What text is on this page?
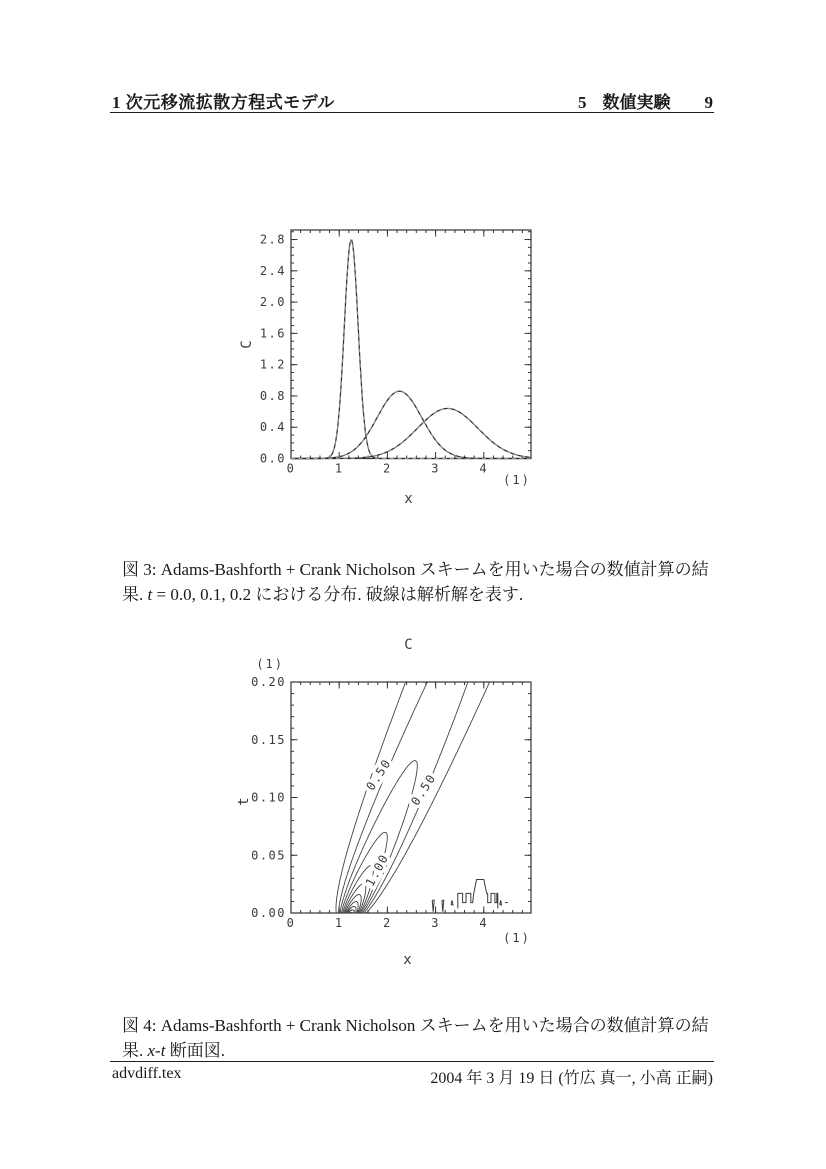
1 次元移流拡散方程式モデル	5 数値実験 9
0.0
0.4
0.8
1.2
1.6
2.0
2.4
2.8
0	1	2	3	4
C
(1)
x
0.00
0.05
0.10
0.15
0.20
0	1	2	3	4
0.50 0.50
1.00
C
(1)
t
(1)
x
図 3: Adams-Bashforth + Crank Nicholson スキームを用いた場合の数値計算の結
果. t = 0.0, 0.1, 0.2 における分布. 破線は解析解を表す.
図 4: Adams-Bashforth + Crank Nicholson スキームを用いた場合の数値計算の結
果. x-t 断面図.
advdiff.tex	2004 年 3 月 19 日 (竹広 真一, 小高 正嗣)
